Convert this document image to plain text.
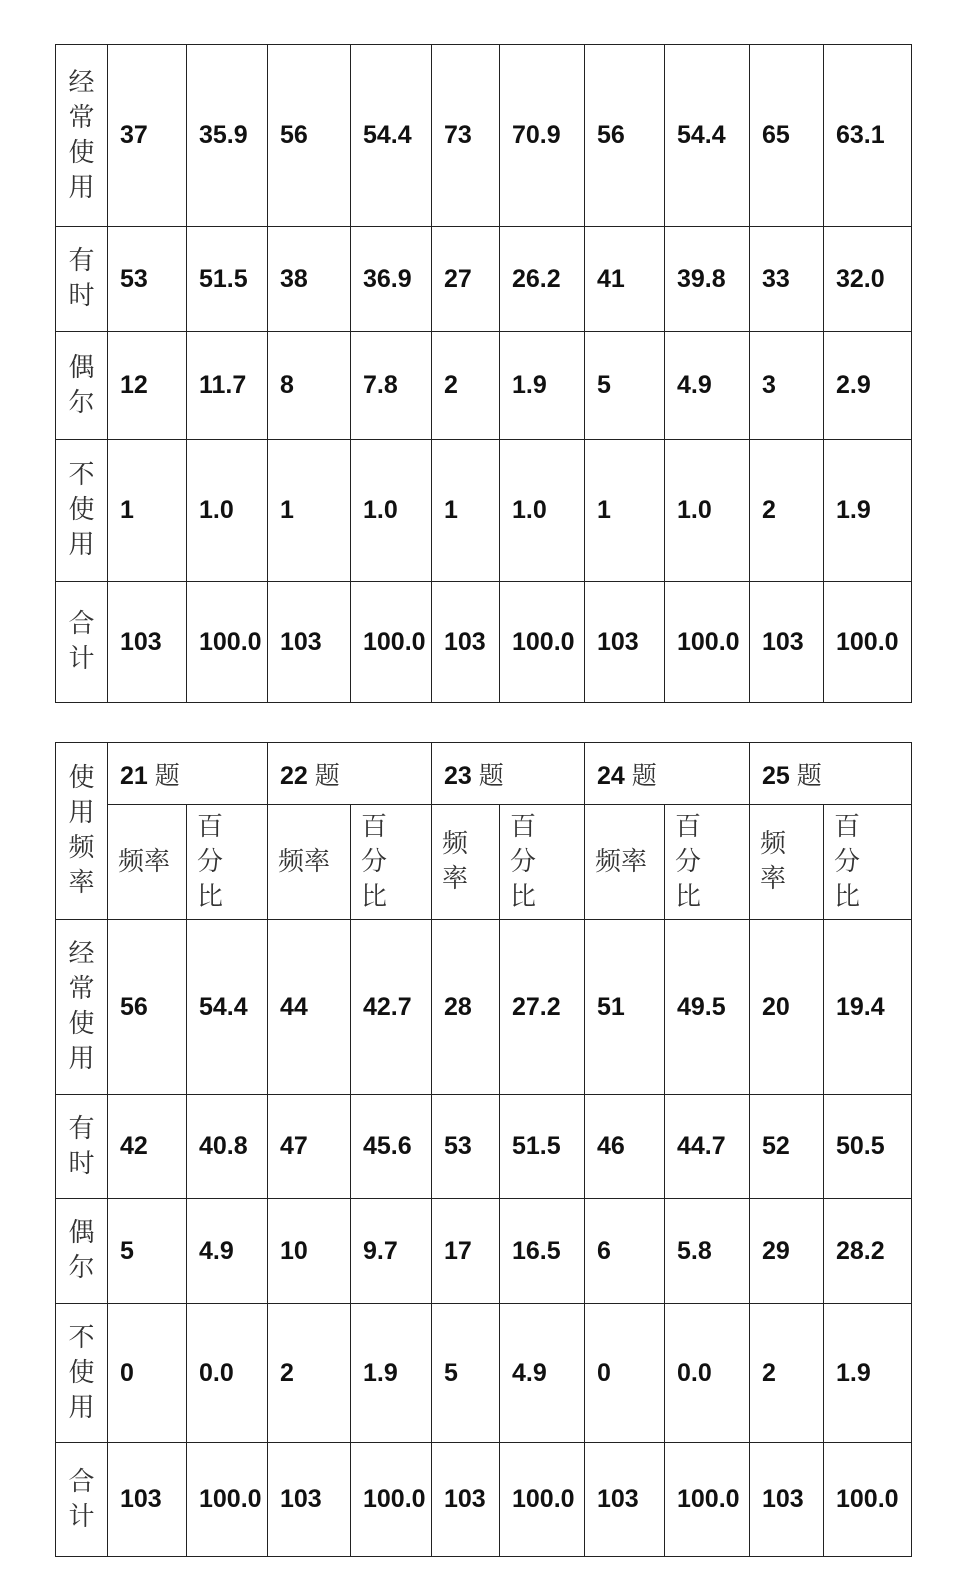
经常使用	37	35.9	56	54.4	73	70.9	56	54.4	65	63.1
有时	53	51.5	38	36.9	27	26.2	41	39.8	33	32.0
偶尔	12	11.7	8	7.8	2	1.9	5	4.9	3	2.9
不使用	1	1.0	1	1.0	1	1.0	1	1.0	2	1.9
合计	103	100.0	103	100.0	103	100.0	103	100.0	103	100.0
使用频率	21 题		22 题		23 题		24 题		25 题	
	频率	百分比	频率	百分比	频率	百分比	频率	百分比	频率	百分比
经常使用	56	54.4	44	42.7	28	27.2	51	49.5	20	19.4
有时	42	40.8	47	45.6	53	51.5	46	44.7	52	50.5
偶尔	5	4.9	10	9.7	17	16.5	6	5.8	29	28.2
不使用	0	0.0	2	1.9	5	4.9	0	0.0	2	1.9
合计	103	100.0	103	100.0	103	100.0	103	100.0	103	100.0
